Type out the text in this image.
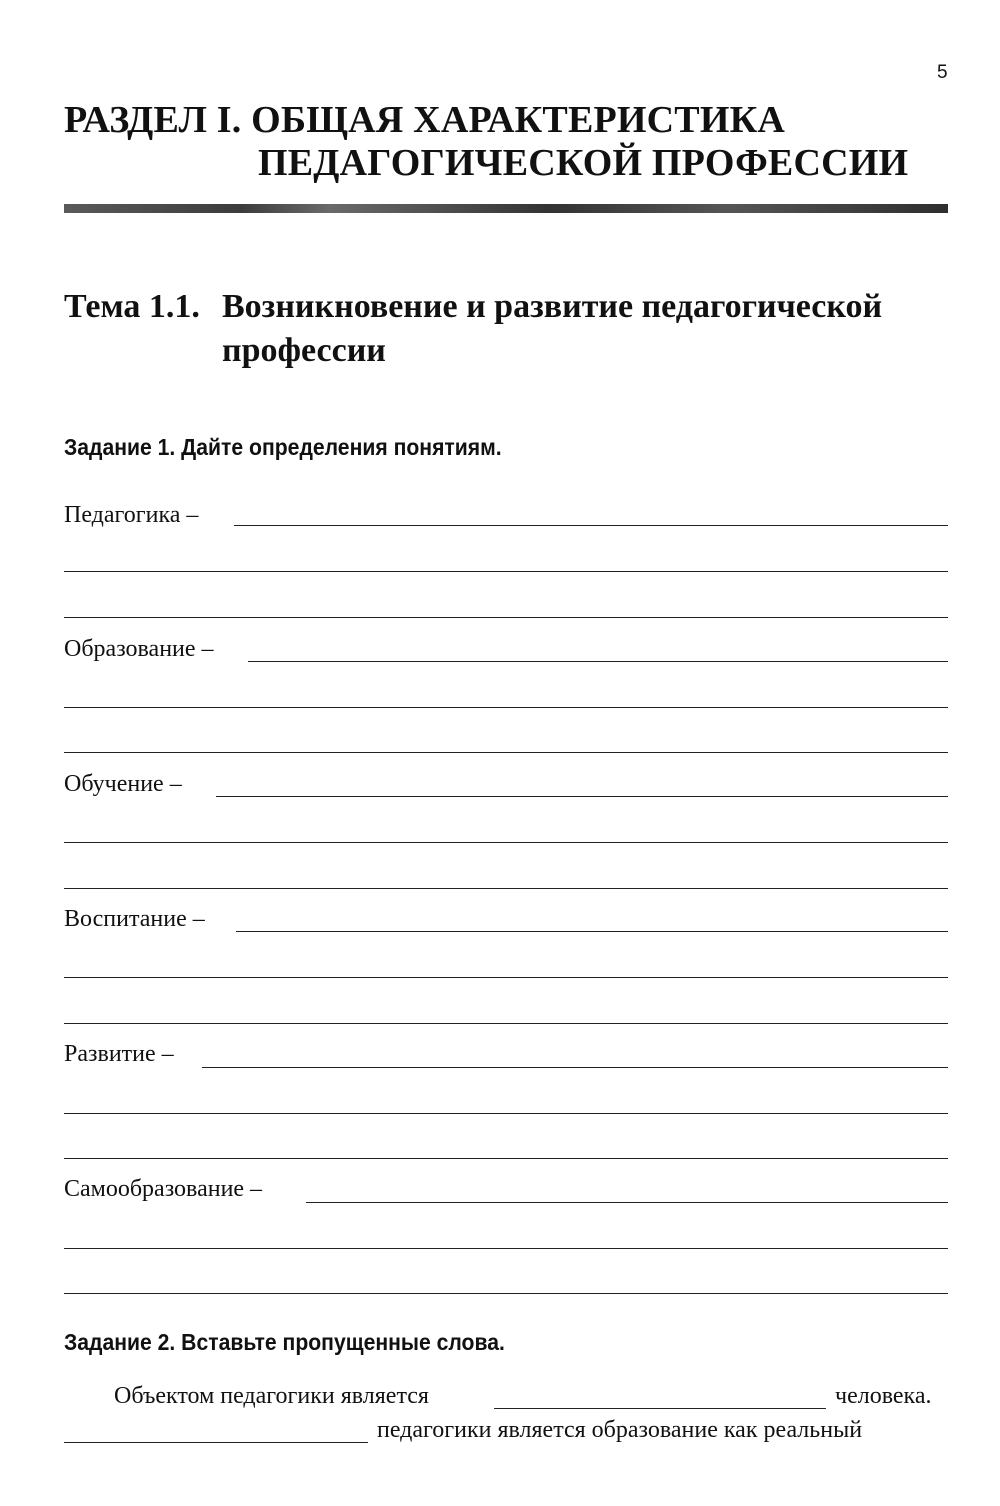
5
РАЗДЕЛ I. ОБЩАЯ ХАРАКТЕРИСТИКА
ПЕДАГОГИЧЕСКОЙ ПРОФЕССИИ
Тема 1.1. Возникновение и развитие педагогической
профессии
Задание 1. Дайте определения понятиям.
Педагогика –
Образование –
Обучение –
Воспитание –
Развитие –
Самообразование –
Задание 2. Вставьте пропущенные слова.
Объектом педагогики является	человека.
педагогики является образование как реальный
